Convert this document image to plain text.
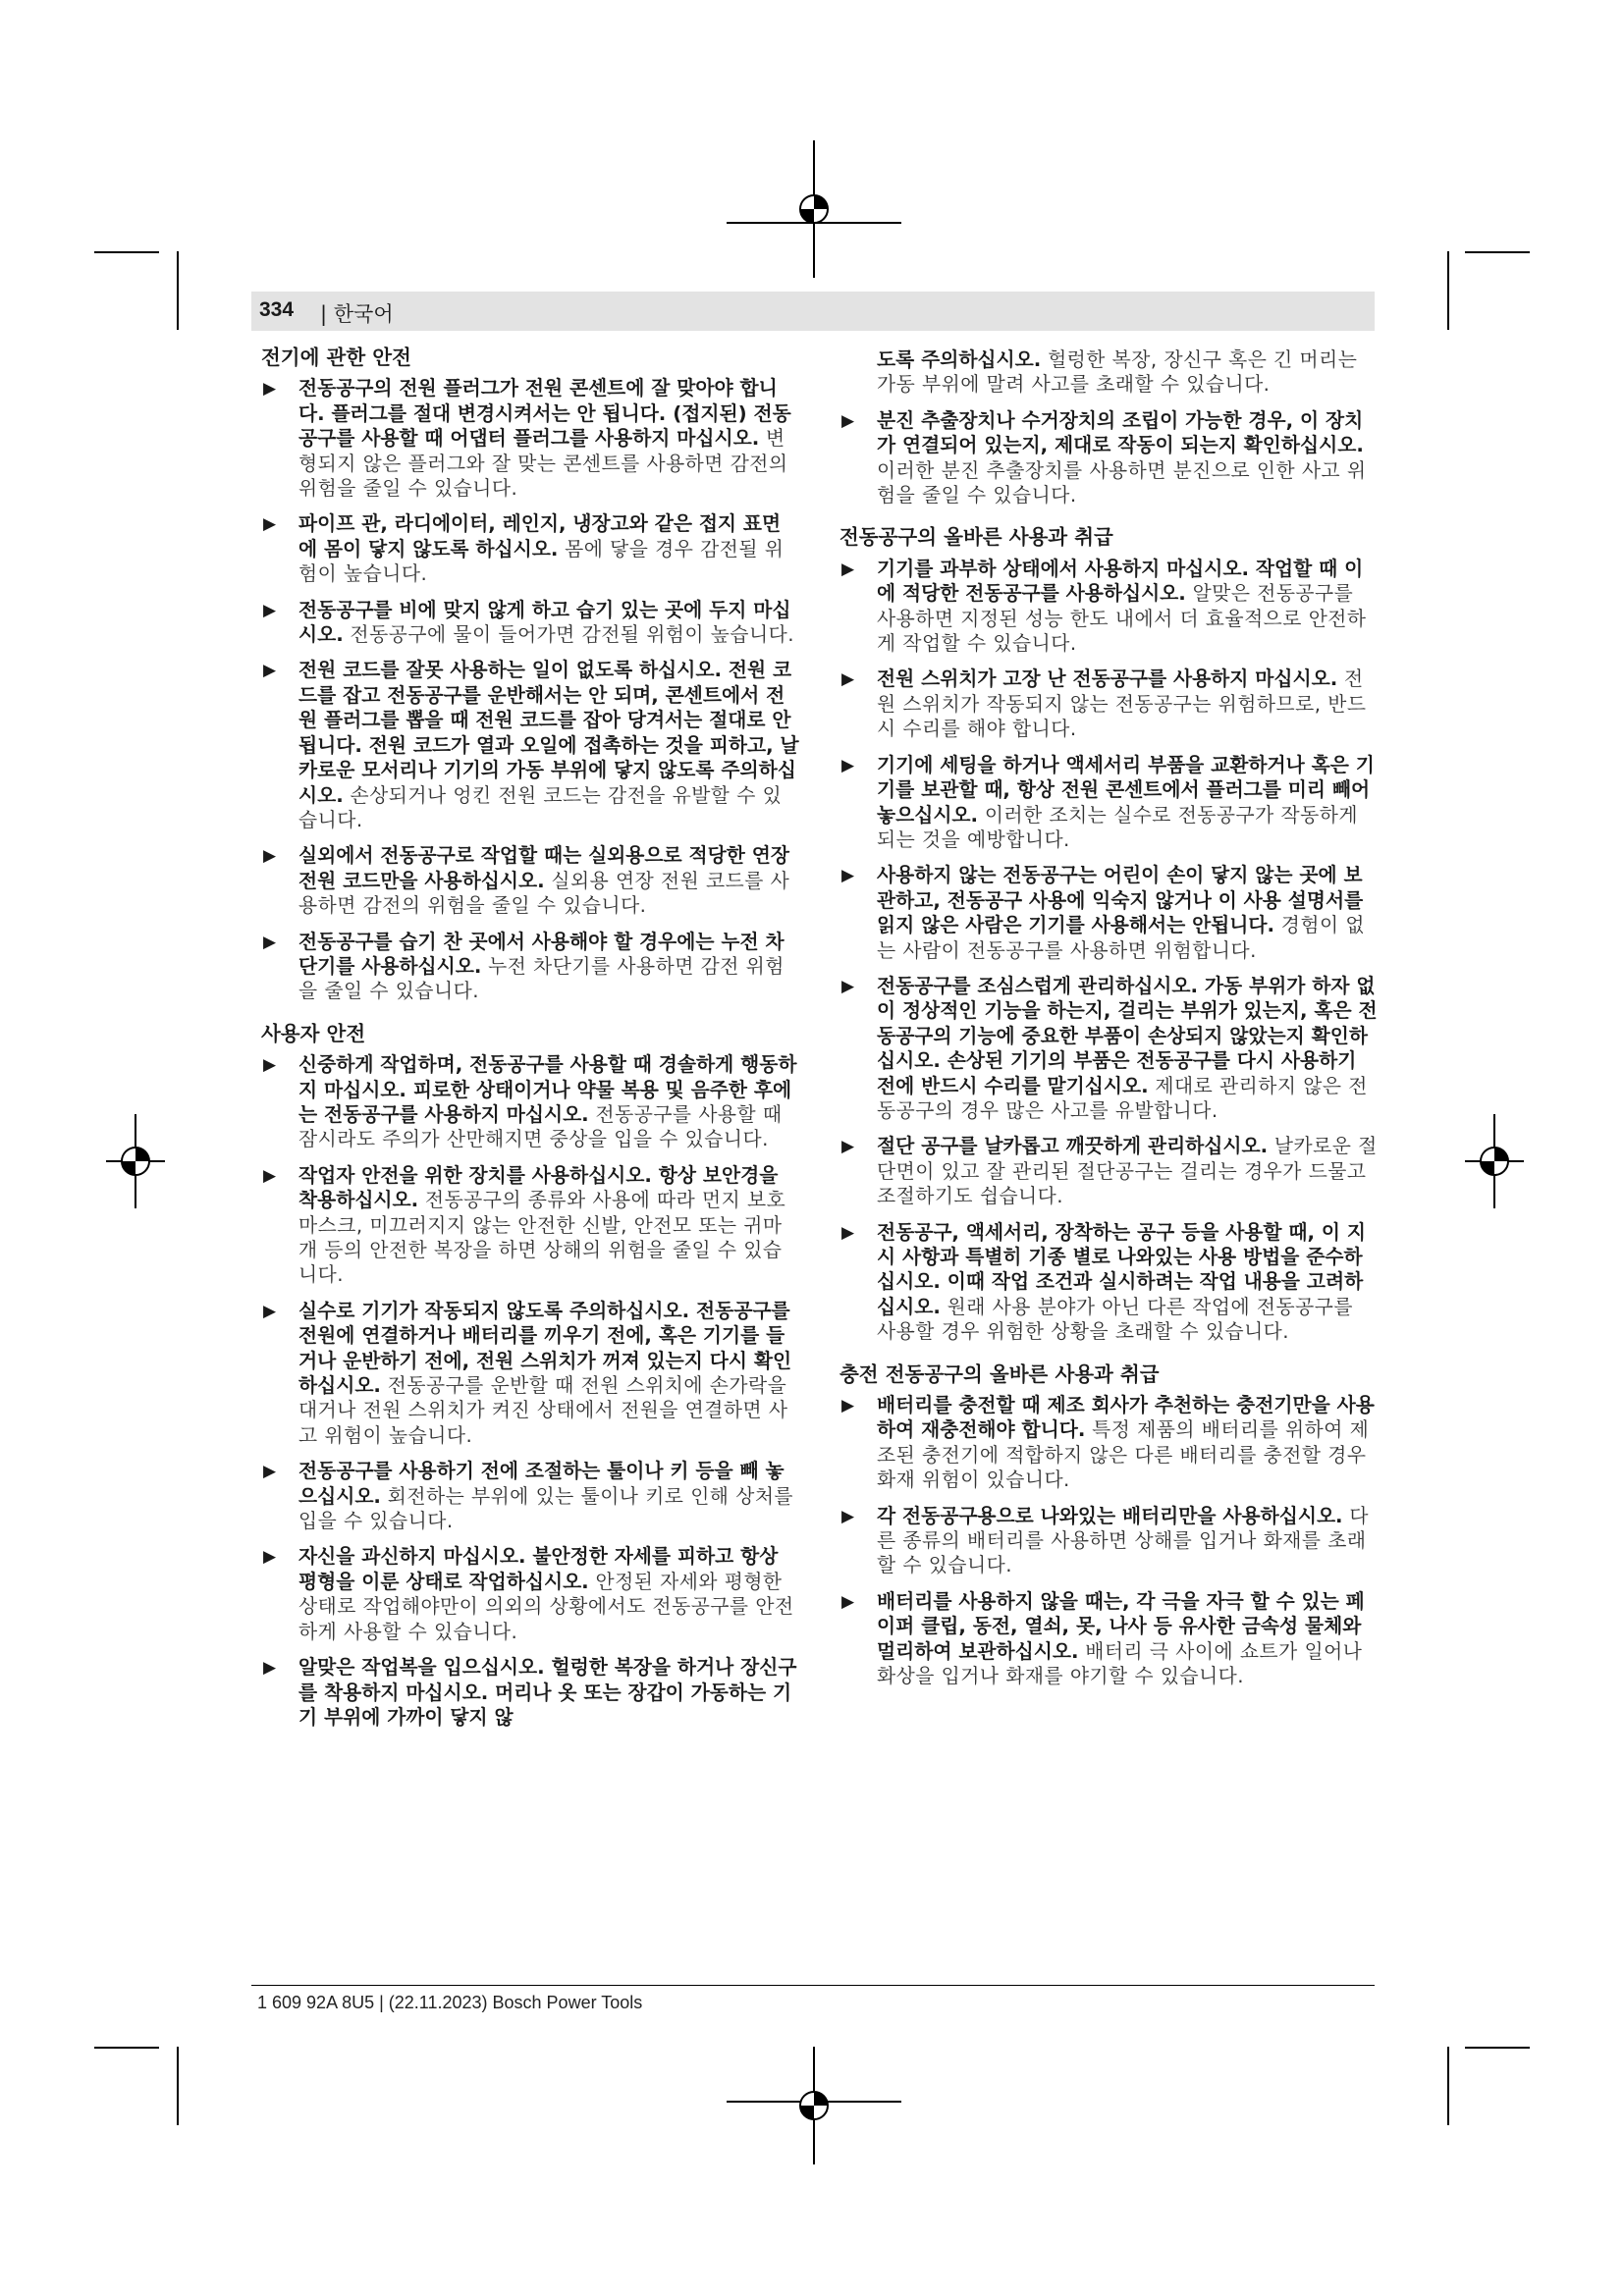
334 | 한국어
전기에 관한 안전
▶ 전동공구의 전원 플러그가 전원 콘센트에 잘 맞아야 합니다. 플러그를 절대 변경시켜서는 안 됩니다. (접지된) 전동공구를 사용할 때 어댑터 플러그를 사용하지 마십시오. 변형되지 않은 플러그와 잘 맞는 콘센트를 사용하면 감전의 위험을 줄일 수 있습니다.
▶ 파이프 관, 라디에이터, 레인지, 냉장고와 같은 접지 표면에 몸이 닿지 않도록 하십시오. 몸에 닿을 경우 감전될 위험이 높습니다.
▶ 전동공구를 비에 맞지 않게 하고 습기 있는 곳에 두지 마십시오. 전동공구에 물이 들어가면 감전될 위험이 높습니다.
▶ 전원 코드를 잘못 사용하는 일이 없도록 하십시오. 전원 코드를 잡고 전동공구를 운반해서는 안 되며, 콘센트에서 전원 플러그를 뽑을 때 전원 코드를 잡아 당겨서는 절대로 안 됩니다. 전원 코드가 열과 오일에 접촉하는 것을 피하고, 날카로운 모서리나 기기의 가동 부위에 닿지 않도록 주의하십시오. 손상되거나 엉킨 전원 코드는 감전을 유발할 수 있습니다.
▶ 실외에서 전동공구로 작업할 때는 실외용으로 적당한 연장 전원 코드만을 사용하십시오. 실외용 연장 전원 코드를 사용하면 감전의 위험을 줄일 수 있습니다.
▶ 전동공구를 습기 찬 곳에서 사용해야 할 경우에는 누전 차단기를 사용하십시오. 누전 차단기를 사용하면 감전 위험을 줄일 수 있습니다.
사용자 안전
▶ 신중하게 작업하며, 전동공구를 사용할 때 경솔하게 행동하지 마십시오. 피로한 상태이거나 약물 복용 및 음주한 후에는 전동공구를 사용하지 마십시오. 전동공구를 사용할 때 잠시라도 주의가 산만해지면 중상을 입을 수 있습니다.
▶ 작업자 안전을 위한 장치를 사용하십시오. 항상 보안경을 착용하십시오. 전동공구의 종류와 사용에 따라 먼지 보호 마스크, 미끄러지지 않는 안전한 신발, 안전모 또는 귀마개 등의 안전한 복장을 하면 상해의 위험을 줄일 수 있습니다.
▶ 실수로 기기가 작동되지 않도록 주의하십시오. 전동공구를 전원에 연결하거나 배터리를 끼우기 전에, 혹은 기기를 들거나 운반하기 전에, 전원 스위치가 꺼져 있는지 다시 확인하십시오. 전동공구를 운반할 때 전원 스위치에 손가락을 대거나 전원 스위치가 켜진 상태에서 전원을 연결하면 사고 위험이 높습니다.
▶ 전동공구를 사용하기 전에 조절하는 툴이나 키 등을 빼 놓으십시오. 회전하는 부위에 있는 툴이나 키로 인해 상처를 입을 수 있습니다.
▶ 자신을 과신하지 마십시오. 불안정한 자세를 피하고 항상 평형을 이룬 상태로 작업하십시오. 안정된 자세와 평형한 상태로 작업해야만이 의외의 상황에서도 전동공구를 안전하게 사용할 수 있습니다.
▶ 알맞은 작업복을 입으십시오. 헐렁한 복장을 하거나 장신구를 착용하지 마십시오. 머리나 옷 또는 장갑이 가동하는 기기 부위에 가까이 닿지 않
도록 주의하십시오. 헐렁한 복장, 장신구 혹은 긴 머리는 가동 부위에 말려 사고를 초래할 수 있습니다.
▶ 분진 추출장치나 수거장치의 조립이 가능한 경우, 이 장치가 연결되어 있는지, 제대로 작동이 되는지 확인하십시오. 이러한 분진 추출장치를 사용하면 분진으로 인한 사고 위험을 줄일 수 있습니다.
전동공구의 올바른 사용과 취급
▶ 기기를 과부하 상태에서 사용하지 마십시오. 작업할 때 이에 적당한 전동공구를 사용하십시오. 알맞은 전동공구를 사용하면 지정된 성능 한도 내에서 더 효율적으로 안전하게 작업할 수 있습니다.
▶ 전원 스위치가 고장 난 전동공구를 사용하지 마십시오. 전원 스위치가 작동되지 않는 전동공구는 위험하므로, 반드시 수리를 해야 합니다.
▶ 기기에 세팅을 하거나 액세서리 부품을 교환하거나 혹은 기기를 보관할 때, 항상 전원 콘센트에서 플러그를 미리 빼어 놓으십시오. 이러한 조치는 실수로 전동공구가 작동하게 되는 것을 예방합니다.
▶ 사용하지 않는 전동공구는 어린이 손이 닿지 않는 곳에 보관하고, 전동공구 사용에 익숙지 않거나 이 사용 설명서를 읽지 않은 사람은 기기를 사용해서는 안됩니다. 경험이 없는 사람이 전동공구를 사용하면 위험합니다.
▶ 전동공구를 조심스럽게 관리하십시오. 가동 부위가 하자 없이 정상적인 기능을 하는지, 걸리는 부위가 있는지, 혹은 전동공구의 기능에 중요한 부품이 손상되지 않았는지 확인하십시오. 손상된 기기의 부품은 전동공구를 다시 사용하기 전에 반드시 수리를 맡기십시오. 제대로 관리하지 않은 전동공구의 경우 많은 사고를 유발합니다.
▶ 절단 공구를 날카롭고 깨끗하게 관리하십시오. 날카로운 절단면이 있고 잘 관리된 절단공구는 걸리는 경우가 드물고 조절하기도 쉽습니다.
▶ 전동공구, 액세서리, 장착하는 공구 등을 사용할 때, 이 지시 사항과 특별히 기종 별로 나와있는 사용 방법을 준수하십시오. 이때 작업 조건과 실시하려는 작업 내용을 고려하십시오. 원래 사용 분야가 아닌 다른 작업에 전동공구를 사용할 경우 위험한 상황을 초래할 수 있습니다.
충전 전동공구의 올바른 사용과 취급
▶ 배터리를 충전할 때 제조 회사가 추천하는 충전기만을 사용하여 재충전해야 합니다. 특정 제품의 배터리를 위하여 제조된 충전기에 적합하지 않은 다른 배터리를 충전할 경우 화재 위험이 있습니다.
▶ 각 전동공구용으로 나와있는 배터리만을 사용하십시오. 다른 종류의 배터리를 사용하면 상해를 입거나 화재를 초래할 수 있습니다.
▶ 배터리를 사용하지 않을 때는, 각 극을 자극 할 수 있는 페이퍼 클립, 동전, 열쇠, 못, 나사 등 유사한 금속성 물체와 멀리하여 보관하십시오. 배터리 극 사이에 쇼트가 일어나 화상을 입거나 화재를 야기할 수 있습니다.
1 609 92A 8U5 | (22.11.2023) Bosch Power Tools
